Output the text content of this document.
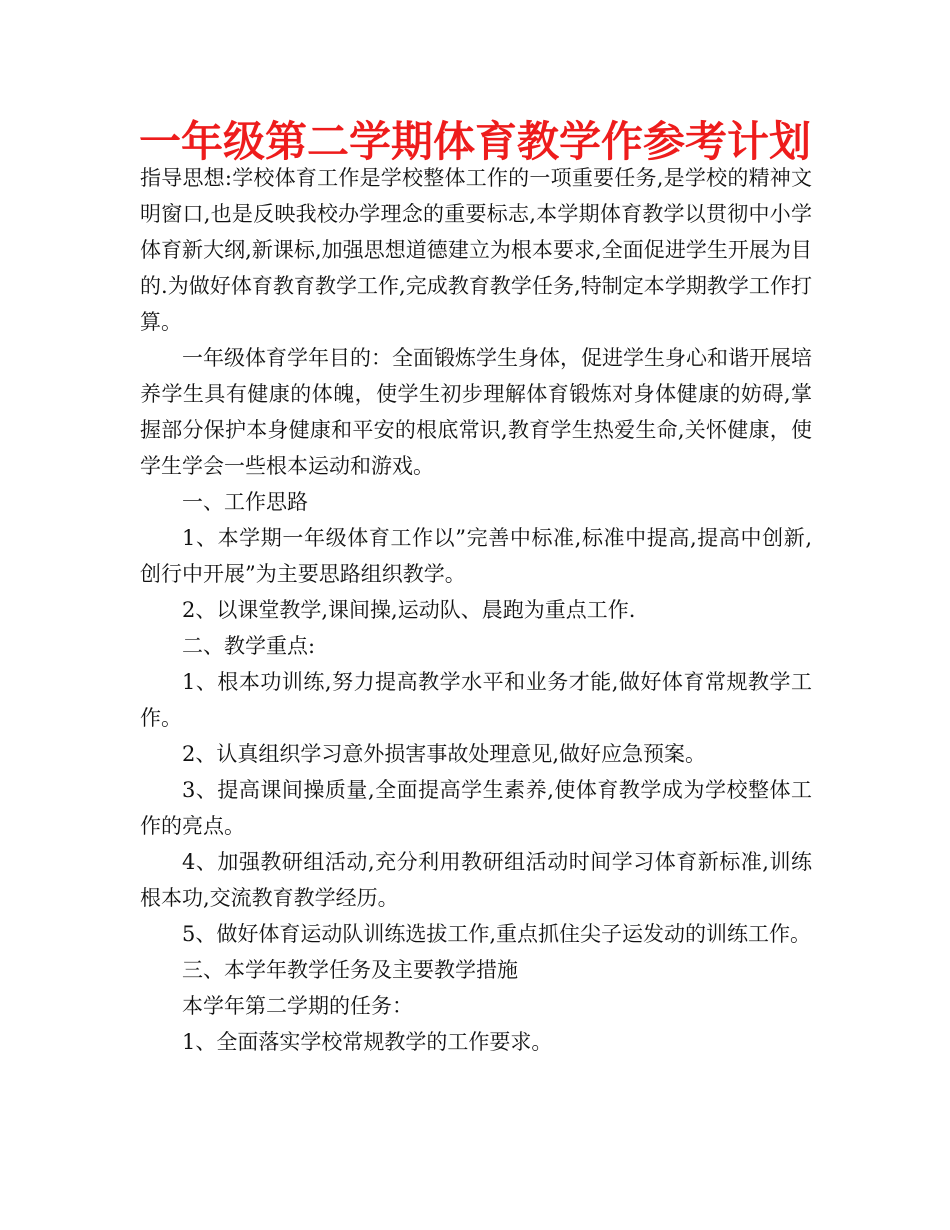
一年级第二学期体育教学作参考计划

指导思想:学校体育工作是学校整体工作的一项重要任务,是学校的精神文明窗口,也是反映我校办学理念的重要标志,本学期体育教学以贯彻中小学体育新大纲,新课标,加强思想道德建立为根本要求,全面促进学生开展为目的.为做好体育教育教学工作,完成教育教学任务,特制定本学期教学工作打算。

一年级体育学年目的：全面锻炼学生身体，促进学生身心和谐开展培养学生具有健康的体魄，使学生初步理解体育锻炼对身体健康的妨碍,掌握部分保护本身健康和平安的根底常识,教育学生热爱生命,关怀健康，使学生学会一些根本运动和游戏。

一、工作思路

1、本学期一年级体育工作以”完善中标准,标准中提高,提高中创新,创行中开展”为主要思路组织教学。

2、以课堂教学,课间操,运动队、晨跑为重点工作.

二、教学重点:

1、根本功训练,努力提高教学水平和业务才能,做好体育常规教学工作。

2、认真组织学习意外损害事故处理意见,做好应急预案。

3、提高课间操质量,全面提高学生素养,使体育教学成为学校整体工作的亮点。

4、加强教研组活动,充分利用教研组活动时间学习体育新标准,训练根本功,交流教育教学经历。

5、做好体育运动队训练选拔工作,重点抓住尖子运发动的训练工作。

三、本学年教学任务及主要教学措施

本学年第二学期的任务：

1、全面落实学校常规教学的工作要求。
